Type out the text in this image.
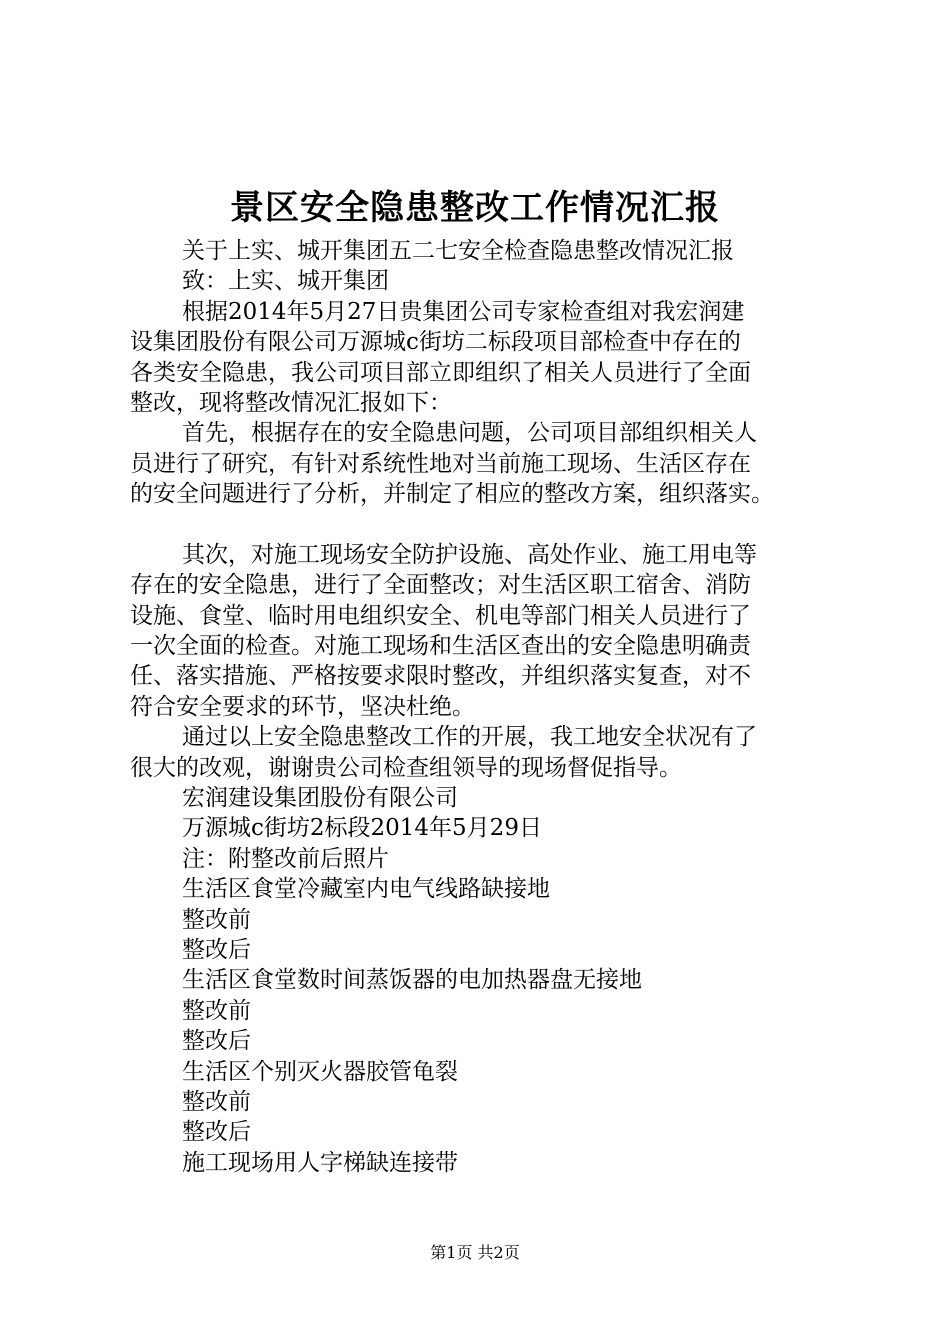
景区安全隐患整改工作情况汇报
关于上实、城开集团五二七安全检查隐患整改情况汇报
致：上实、城开集团
根据2014年5月27日贵集团公司专家检查组对我宏润建
设集团股份有限公司万源城c街坊二标段项目部检查中存在的
各类安全隐患，我公司项目部立即组织了相关人员进行了全面
整改，现将整改情况汇报如下：
首先，根据存在的安全隐患问题，公司项目部组织相关人
员进行了研究，有针对系统性地对当前施工现场、生活区存在
的安全问题进行了分析，并制定了相应的整改方案，组织落实。
其次，对施工现场安全防护设施、高处作业、施工用电等
存在的安全隐患，进行了全面整改；对生活区职工宿舍、消防
设施、食堂、临时用电组织安全、机电等部门相关人员进行了
一次全面的检查。对施工现场和生活区查出的安全隐患明确责
任、落实措施、严格按要求限时整改，并组织落实复查，对不
符合安全要求的环节，坚决杜绝。
通过以上安全隐患整改工作的开展，我工地安全状况有了
很大的改观，谢谢贵公司检查组领导的现场督促指导。
宏润建设集团股份有限公司
万源城c街坊2标段2014年5月29日
注：附整改前后照片
生活区食堂冷藏室内电气线路缺接地
整改前
整改后
生活区食堂数时间蒸饭器的电加热器盘无接地
整改前
整改后
生活区个别灭火器胶管龟裂
整改前
整改后
施工现场用人字梯缺连接带
第1页 共2页
